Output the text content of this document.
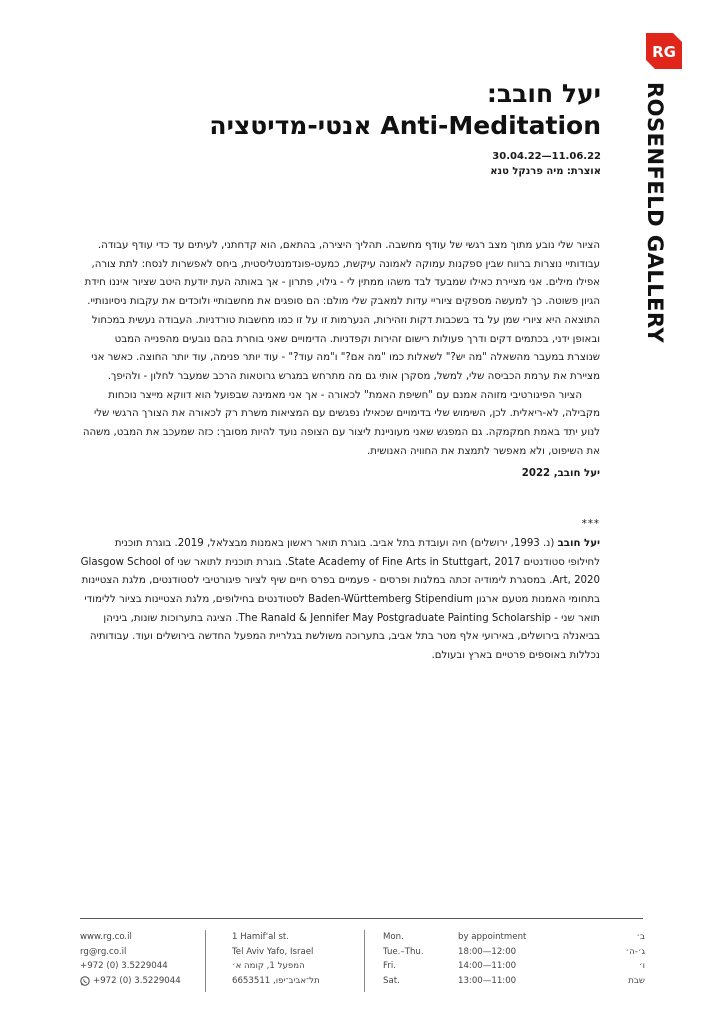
RG
ROSENFELD GALLERY
יעל חובב:
Anti-Meditation אנטי-מדיטציה
11.06.22—30.04.22
אוצרת: מיה פרנקל טנא

הציור שלי נובע מתוך מצב רגשי של עודף מחשבה. תהליך היצירה, בהתאם, הוא קדחתני, לעיתים עד כדי עודף עבודה. עבודותיי נוצרות ברווח שבין ספקנות עמוקה לאמונה עיקשת, כמעט-פונדמנטליסטית, ביחס לאפשרות לנסח: לתת צורה, אפילו מילים. אני מציירת כאילו שמבעד לבד משהו ממתין לי - גילוי, פתרון - אך באותה העת יודעת היטב שציור איננו חידת הגיון פשוטה. כך למעשה מספקים ציוריי עדות למאבק שלי מולם: הם סופגים את מחשבותיי ולוכדים את עקבות ניסיונותיי. התוצאה היא ציורי שמן על בד בשכבות דקות וזהירות, הנערמות זו על זו כמו מחשבות טורדניות. העבודה נעשית במכחול ובאופן ידני, בכתמים דקים ודרך פעולות רישום זהירות וקפדניות. הדימויים שאני בוחרת בהם נובעים מהפנייה המבט שנוצרת במעבר מהשאלה "מה יש?" לשאלות כמו "מה אם?" ו"מה עוד?" - עוד יותר פנימה, עוד יותר החוצה. כאשר אני מציירת את ערמת הכביסה שלי, למשל, מסקרן אותי גם מה מתרחש במגרש גרוטאות הרכב שמעבר לחלון - ולהיפך.

הציור הפיגורטיבי מזוהה אמנם עם "חשיפת האמת" לכאורה - אך אני מאמינה שבפועל הוא דווקא מייצר נוכחות מקבילה, לא-ריאלית. לכן, השימוש שלי בדימויים שכאילו נפגשים עם המציאות משרת רק לכאורה את הצורך הרגשי שלי לנוע יתד באמת חמקמקה. גם המפגש שאני מעוניינת ליצור עם הצופה נועד להיות מסובך: כזה שמעכב את המבט, משהה את השיפוט, ולא מאפשר לתמצת את החוויה האנושית.

יעל חובב, 2022

***

יעל חובב (נ. 1993, ירושלים) חיה ועובדת בתל אביב. בוגרת תואר ראשון באמנות מבצלאל, 2019. בוגרת תוכנית לחילופי סטודנטים State Academy of Fine Arts in Stuttgart, 2017. בוגרת תוכנית לתואר שני Glasgow School of Art, 2020. במסגרת לימודיה זכתה במלגות ופרסים - פעמיים בפרס חיים שיף לציור פיגורטיבי לסטודנטים, מלגת הצטיינות בתחומי האמנות מטעם ארגון Baden-Württemberg Stipendium לסטודנטים בחילופים, מלגת הצטיינות בציור ללימודי תואר שני - The Ranald & Jennifer May Postgraduate Painting Scholarship. הציגה בתערוכות שונות, ביניהן בביאנלה בירושלים, באירועי אלף מטר בתל אביב, בתערוכה משולשת בגלריית המפעל החדשה בירושלים ועוד. עבודותיה נכללות באוספים פרטיים בארץ ובעולם.

www.rg.co.il
rg@rg.co.il
+972 (0) 3.5229044
+972 (0) 3.5229044
1 Hamif'al st.
Tel Aviv Yafo, Israel
המפעל 1, קומה א׳
תל־אביב־יפו, 6653511
Mon.	by appointment	ב׳
Tue.–Thu.	18:00—12:00	ג׳-ה׳
Fri.	14:00—11:00	ו׳
Sat.	13:00—11:00	שבת
